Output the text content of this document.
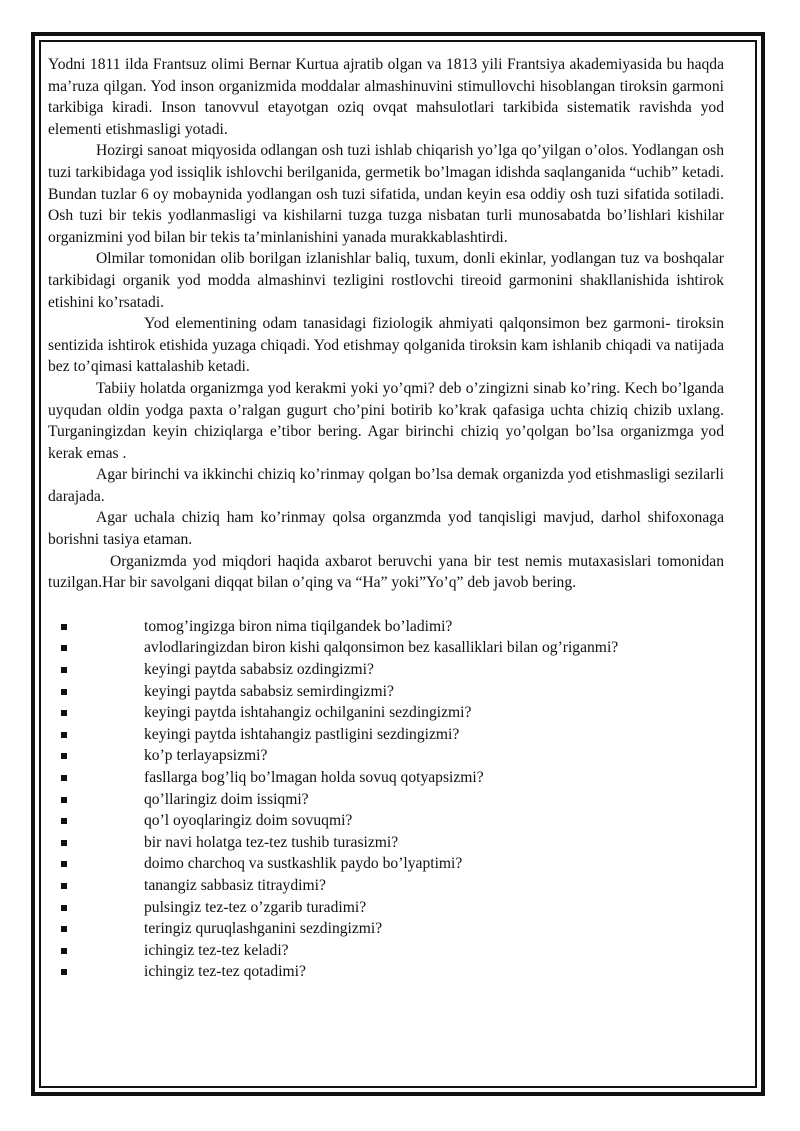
Yodni 1811 ilda Frantsuz olimi Bernar Kurtua ajratib olgan va 1813 yili Frantsiya akademiyasida bu haqda ma’ruza qilgan. Yod inson organizmida moddalar almashinuvini stimullovchi hisoblangan tiroksin garmoni tarkibiga kiradi. Inson tanovvul etayotgan oziq ovqat mahsulotlari tarkibida sistematik ravishda yod elementi etishmasligi yotadi.

Hozirgi sanoat miqyosida odlangan osh tuzi ishlab chiqarish yo’lga qo’yilgan o’olos. Yodlangan osh tuzi tarkibidaga yod issiqlik ishlovchi berilganida, germetik bo’lmagan idishda saqlanganida “uchib” ketadi. Bundan tuzlar 6 oy mobaynida yodlangan osh tuzi sifatida, undan keyin esa oddiy osh tuzi sifatida sotiladi. Osh tuzi bir tekis yodlanmasligi va kishilarni tuzga tuzga nisbatan turli munosabatda bo’lishlari kishilar organizmini yod bilan bir tekis ta’minlanishini yanada murakkablashtirdi.

Olmilar tomonidan olib borilgan izlanishlar baliq, tuxum, donli ekinlar, yodlangan tuz va boshqalar tarkibidagi organik yod modda almashinvi tezligini rostlovchi tireoid garmonini shakllanishida ishtirok etishini ko’rsatadi.

Yod elementining odam tanasidagi fiziologik ahmiyati qalqonsimon bez garmoni- tiroksin sentizida ishtirok etishida yuzaga chiqadi. Yod etishmay qolganida tiroksin kam ishlanib chiqadi va natijada bez to’qimasi kattalashib ketadi.

Tabiiy holatda organizmga yod kerakmi yoki yo’qmi? deb o’zingizni sinab ko’ring. Kech bo’lganda uyqudan oldin yodga paxta o’ralgan gugurt cho’pini botirib ko’krak qafasiga uchta chiziq chizib uxlang. Turganingizdan keyin chiziqlarga e’tibor bering. Agar birinchi chiziq yo’qolgan bo’lsa organizmga yod kerak emas .

Agar birinchi va ikkinchi chiziq ko’rinmay qolgan bo’lsa demak organizda yod etishmasligi sezilarli darajada.

Agar uchala chiziq ham ko’rinmay qolsa organzmda yod tanqisligi mavjud, darhol shifoxonaga borishni tasiya etaman.

Organizmda yod miqdori haqida axbarot beruvchi yana bir test nemis mutaxasislari tomonidan tuzilgan.Har bir savolgani diqqat bilan o’qing va “Ha” yoki”Yo’q” deb javob bering.

tomog’ingizga biron nima tiqilgandek bo’ladimi?
avlodlaringizdan biron kishi qalqonsimon bez kasalliklari bilan og’riganmi?
keyingi paytda sababsiz ozdingizmi?
keyingi paytda sababsiz semirdingizmi?
keyingi paytda ishtahangiz ochilganini sezdingizmi?
keyingi paytda ishtahangiz pastligini sezdingizmi?
ko’p terlayapsizmi?
fasllarga bog’liq bo’lmagan holda sovuq qotyapsizmi?
qo’llaringiz doim issiqmi?
qo’l oyoqlaringiz doim sovuqmi?
bir navi holatga tez-tez tushib turasizmi?
doimo charchoq va sustkashlik paydo bo’lyaptimi?
tanangiz sabbasiz titraydimi?
pulsingiz tez-tez o’zgarib turadimi?
teringiz quruqlashganini sezdingizmi?
ichingiz tez-tez keladi?
ichingiz tez-tez qotadimi?
